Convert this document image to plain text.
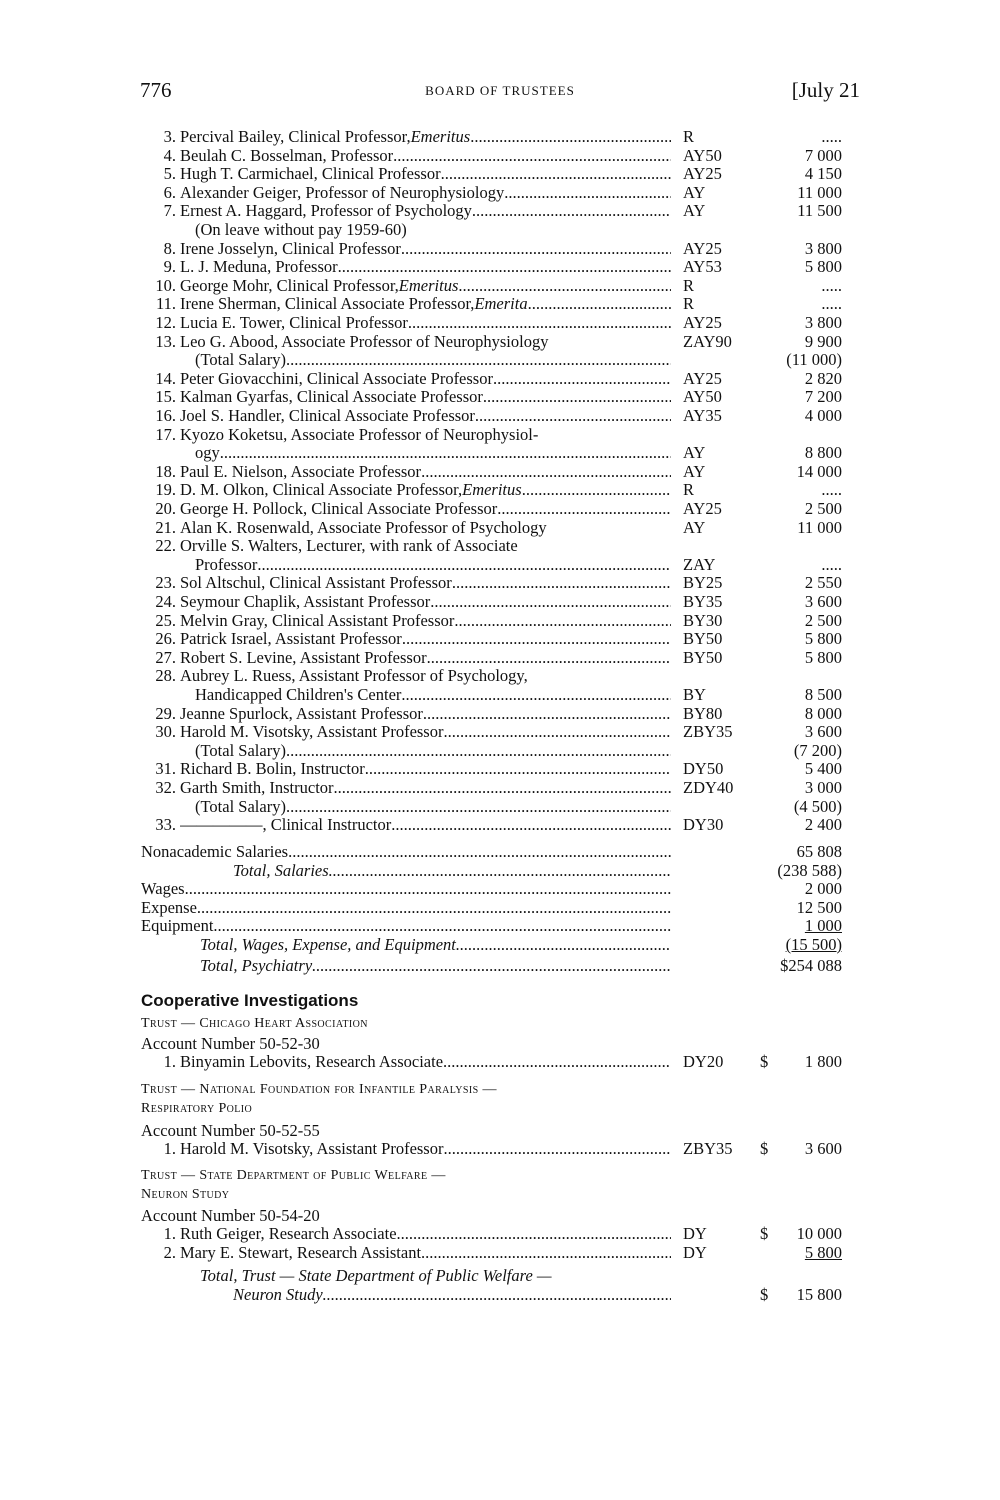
776	BOARD OF TRUSTEES	[July 21
3. Percival Bailey, Clinical Professor, Emeritus .....	R	.....
4. Beulah C. Bosselman, Professor .....	AY50	7 000
5. Hugh T. Carmichael, Clinical Professor .....	AY25	4 150
6. Alexander Geiger, Professor of Neurophysiology .....	AY	11 000
7. Ernest A. Haggard, Professor of Psychology .....	AY	11 500
(On leave without pay 1959-60)
8. Irene Josselyn, Clinical Professor .....	AY25	3 800
9. L. J. Meduna, Professor .....	AY53	5 800
10. George Mohr, Clinical Professor, Emeritus .....	R	.....
11. Irene Sherman, Clinical Associate Professor, Emerita .....	R	.....
12. Lucia E. Tower, Clinical Professor .....	AY25	3 800
13. Leo G. Abood, Associate Professor of Neurophysiology	ZAY90	9 900
(Total Salary) .....	(11 000)
14. Peter Giovacchini, Clinical Associate Professor .....	AY25	2 820
15. Kalman Gyarfas, Clinical Associate Professor .....	AY50	7 200
16. Joel S. Handler, Clinical Associate Professor .....	AY35	4 000
17. Kyozo Koketsu, Associate Professor of Neurophysiol-
ogy .....	AY	8 800
18. Paul E. Nielson, Associate Professor .....	AY	14 000
19. D. M. Olkon, Clinical Associate Professor, Emeritus .....	R	.....
20. George H. Pollock, Clinical Associate Professor .....	AY25	2 500
21. Alan K. Rosenwald, Associate Professor of Psychology	AY	11 000
22. Orville S. Walters, Lecturer, with rank of Associate
Professor .....	ZAY	.....
23. Sol Altschul, Clinical Assistant Professor .....	BY25	2 550
24. Seymour Chaplik, Assistant Professor .....	BY35	3 600
25. Melvin Gray, Clinical Assistant Professor .....	BY30	2 500
26. Patrick Israel, Assistant Professor .....	BY50	5 800
27. Robert S. Levine, Assistant Professor .....	BY50	5 800
28. Aubrey L. Ruess, Assistant Professor of Psychology,
Handicapped Children's Center .....	BY	8 500
29. Jeanne Spurlock, Assistant Professor .....	BY80	8 000
30. Harold M. Visotsky, Assistant Professor .....	ZBY35	3 600
(Total Salary) .....	(7 200)
31. Richard B. Bolin, Instructor .....	DY50	5 400
32. Garth Smith, Instructor .....	ZDY40	3 000
(Total Salary) .....	(4 500)
33. —————, Clinical Instructor .....	DY30	2 400
Nonacademic Salaries .....	65 808
Total, Salaries .....	(238 588)
Wages .....	2 000
Expense .....	12 500
Equipment .....	1 000
Total, Wages, Expense, and Equipment .....	(15 500)
Total, Psychiatry .....	$254 088
Cooperative Investigations
Trust — Chicago Heart Association
Account Number 50-52-30
1. Binyamin Lebovits, Research Associate .....	DY20 $	1 800
Trust — National Foundation for Infantile Paralysis —
Respiratory Polio
Account Number 50-52-55
1. Harold M. Visotsky, Assistant Professor .....	ZBY35 $	3 600
Trust — State Department of Public Welfare —
Neuron Study
Account Number 50-54-20
1. Ruth Geiger, Research Associate .....	DY	$	10 000
2. Mary E. Stewart, Research Assistant .....	DY	5 800
Total, Trust — State Department of Public Welfare —
Neuron Study .....	$	15 800
